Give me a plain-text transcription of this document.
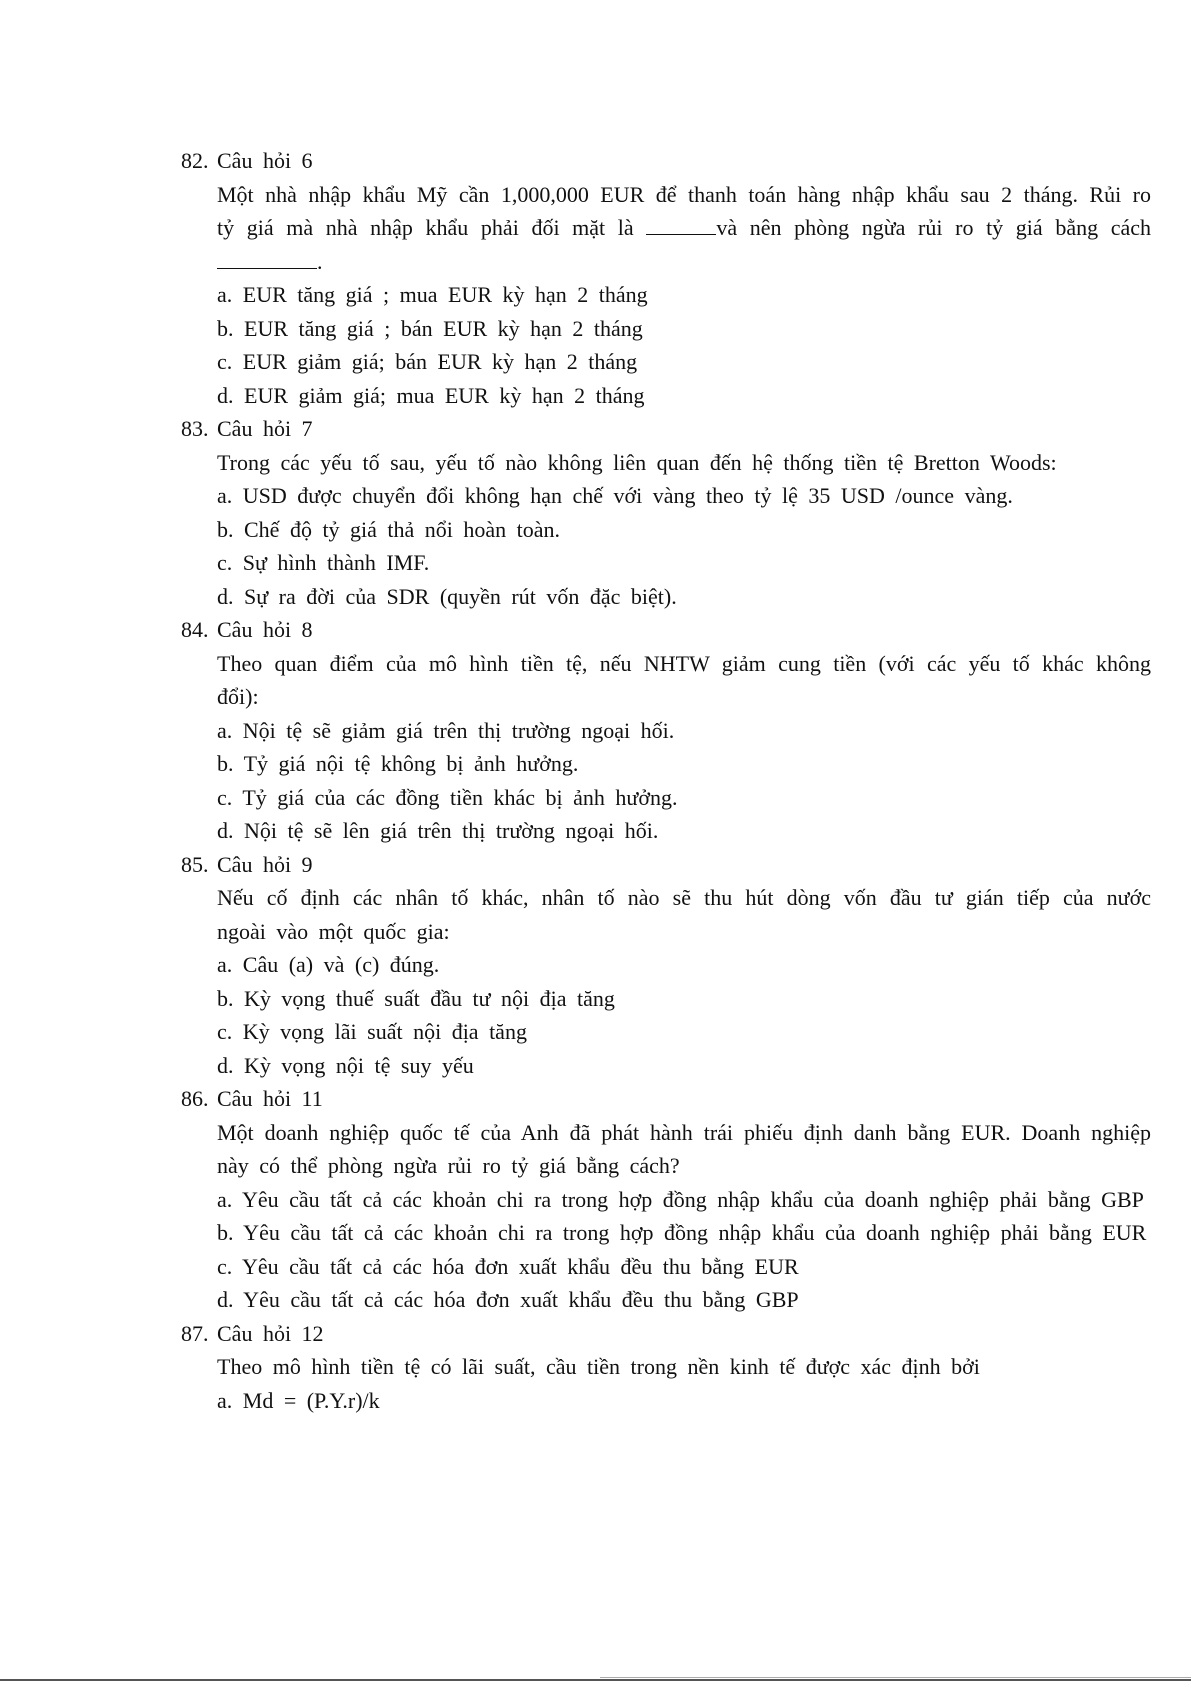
82. Câu hỏi 6
Một nhà nhập khẩu Mỹ cần 1,000,000 EUR để thanh toán hàng nhập khẩu sau 2 tháng. Rủi ro tỷ giá mà nhà nhập khẩu phải đối mặt là	và nên phòng ngừa rủi ro tỷ giá bằng cách .
a. EUR tăng giá ; mua EUR kỳ hạn 2 tháng
b. EUR tăng giá ; bán EUR kỳ hạn 2 tháng
c. EUR giảm giá; bán EUR kỳ hạn 2 tháng
d. EUR giảm giá; mua EUR kỳ hạn 2 tháng
83. Câu hỏi 7
Trong các yếu tố sau, yếu tố nào không liên quan đến hệ thống tiền tệ Bretton Woods:
a. USD được chuyển đổi không hạn chế với vàng theo tỷ lệ 35 USD /ounce vàng.
b. Chế độ tỷ giá thả nổi hoàn toàn.
c. Sự hình thành IMF.
d. Sự ra đời của SDR (quyền rút vốn đặc biệt).
84. Câu hỏi 8
Theo quan điểm của mô hình tiền tệ, nếu NHTW giảm cung tiền (với các yếu tố khác không đổi):
a. Nội tệ sẽ giảm giá trên thị trường ngoại hối.
b. Tỷ giá nội tệ không bị ảnh hưởng.
c. Tỷ giá của các đồng tiền khác bị ảnh hưởng.
d. Nội tệ sẽ lên giá trên thị trường ngoại hối.
85. Câu hỏi 9
Nếu cố định các nhân tố khác, nhân tố nào sẽ thu hút dòng vốn đầu tư gián tiếp của nước ngoài vào một quốc gia:
a. Câu (a) và (c) đúng.
b. Kỳ vọng thuế suất đầu tư nội địa tăng
c. Kỳ vọng lãi suất nội địa tăng
d. Kỳ vọng nội tệ suy yếu
86. Câu hỏi 11
Một doanh nghiệp quốc tế của Anh đã phát hành trái phiếu định danh bằng EUR. Doanh nghiệp này có thể phòng ngừa rủi ro tỷ giá bằng cách?
a. Yêu cầu tất cả các khoản chi ra trong hợp đồng nhập khẩu của doanh nghiệp phải bằng GBP
b. Yêu cầu tất cả các khoản chi ra trong hợp đồng nhập khẩu của doanh nghiệp phải bằng EUR
c. Yêu cầu tất cả các hóa đơn xuất khẩu đều thu bằng EUR
d. Yêu cầu tất cả các hóa đơn xuất khẩu đều thu bằng GBP
87. Câu hỏi 12
Theo mô hình tiền tệ có lãi suất, cầu tiền trong nền kinh tế được xác định bởi
a. Md = (P.Y.r)/k
